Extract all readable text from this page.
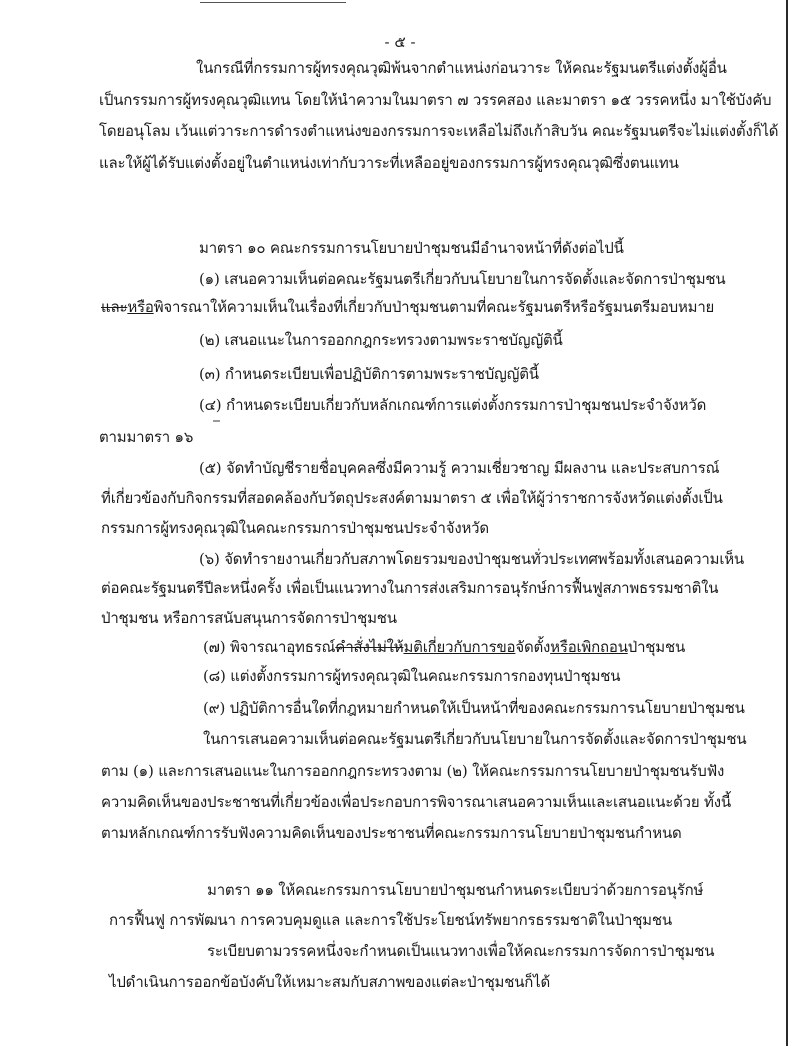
- ๕ -
ในกรณีที่กรรมการผู้ทรงคุณวุฒิพ้นจากตำแหน่งก่อนวาระ ให้คณะรัฐมนตรีแต่งตั้งผู้อื่น
เป็นกรรมการผู้ทรงคุณวุฒิแทน โดยให้นำความในมาตรา ๗ วรรคสอง และมาตรา ๑๕ วรรคหนึ่ง มาใช้บังคับ
โดยอนุโลม เว้นแต่วาระการดำรงตำแหน่งของกรรมการจะเหลือไม่ถึงเก้าสิบวัน คณะรัฐมนตรีจะไม่แต่งตั้งก็ได้
และให้ผู้ได้รับแต่งตั้งอยู่ในตำแหน่งเท่ากับวาระที่เหลืออยู่ของกรรมการผู้ทรงคุณวุฒิซึ่งตนแทน
มาตรา ๑๐ คณะกรรมการนโยบายป่าชุมชนมีอำนาจหน้าที่ดังต่อไปนี้
(๑) เสนอความเห็นต่อคณะรัฐมนตรีเกี่ยวกับนโยบายในการจัดตั้งและจัดการป่าชุมชน
และหรือพิจารณาให้ความเห็นในเรื่องที่เกี่ยวกับป่าชุมชนตามที่คณะรัฐมนตรีหรือรัฐมนตรีมอบหมาย
(๒) เสนอแนะในการออกกฎกระทรวงตามพระราชบัญญัตินี้
(๓) กำหนดระเบียบเพื่อปฏิบัติการตามพระราชบัญญัตินี้
(๔) กำหนดระเบียบเกี่ยวกับหลักเกณฑ์การแต่งตั้งกรรมการป่าชุมชนประจำจังหวัด
ตามมาตรา ๑๖
(๕) จัดทำบัญชีรายชื่อบุคคลซึ่งมีความรู้ ความเชี่ยวชาญ มีผลงาน และประสบการณ์
ที่เกี่ยวข้องกับกิจกรรมที่สอดคล้องกับวัตถุประสงค์ตามมาตรา ๕ เพื่อให้ผู้ว่าราชการจังหวัดแต่งตั้งเป็น
กรรมการผู้ทรงคุณวุฒิในคณะกรรมการป่าชุมชนประจำจังหวัด
(๖) จัดทำรายงานเกี่ยวกับสภาพโดยรวมของป่าชุมชนทั่วประเทศพร้อมทั้งเสนอความเห็น
ต่อคณะรัฐมนตรีปีละหนึ่งครั้ง เพื่อเป็นแนวทางในการส่งเสริมการอนุรักษ์การฟื้นฟูสภาพธรรมชาติใน
ป่าชุมชน หรือการสนับสนุนการจัดการป่าชุมชน
(๗) พิจารณาอุทธรณ์คำสั่งไม่ให้มติเกี่ยวกับการขอจัดตั้งหรือเพิกถอนป่าชุมชน
(๘) แต่งตั้งกรรมการผู้ทรงคุณวุฒิในคณะกรรมการกองทุนป่าชุมชน
(๙) ปฏิบัติการอื่นใดที่กฎหมายกำหนดให้เป็นหน้าที่ของคณะกรรมการนโยบายป่าชุมชน
ในการเสนอความเห็นต่อคณะรัฐมนตรีเกี่ยวกับนโยบายในการจัดตั้งและจัดการป่าชุมชน
ตาม (๑) และการเสนอแนะในการออกกฎกระทรวงตาม (๒) ให้คณะกรรมการนโยบายป่าชุมชนรับฟัง
ความคิดเห็นของประชาชนที่เกี่ยวข้องเพื่อประกอบการพิจารณาเสนอความเห็นและเสนอแนะด้วย ทั้งนี้
ตามหลักเกณฑ์การรับฟังความคิดเห็นของประชาชนที่คณะกรรมการนโยบายป่าชุมชนกำหนด
มาตรา ๑๑ ให้คณะกรรมการนโยบายป่าชุมชนกำหนดระเบียบว่าด้วยการอนุรักษ์
การฟื้นฟู การพัฒนา การควบคุมดูแล และการใช้ประโยชน์ทรัพยากรธรรมชาติในป่าชุมชน
ระเบียบตามวรรคหนึ่งจะกำหนดเป็นแนวทางเพื่อให้คณะกรรมการจัดการป่าชุมชน
ไปดำเนินการออกข้อบังคับให้เหมาะสมกับสภาพของแต่ละป่าชุมชนก็ได้
